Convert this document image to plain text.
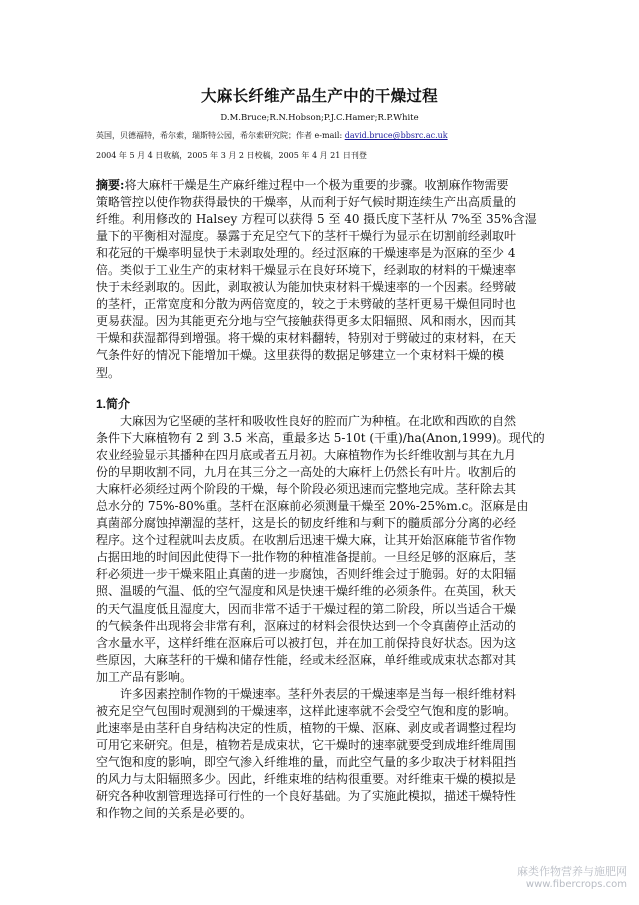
大麻长纤维产品生产中的干燥过程
D.M.Bruce;R.N.Hobson;P.J.C.Hamer;R.P.White
英国，贝德福特，希尔索，瑞斯特公园，希尔索研究院；作者 e-mail: david.bruce@bbsrc.ac.uk
2004 年 5 月 4 日收稿，2005 年 3 月 2 日校稿，2005 年 4 月 21 日刊登
摘要:将大麻杆干燥是生产麻纤维过程中一个极为重要的步骤。收割麻作物需要
策略管控以使作物获得最快的干燥率，从而利于好气候时期连续生产出高质量的
纤维。利用修改的 Halsey 方程可以获得 5 至 40 摄氏度下茎杆从 7%至 35%含湿
量下的平衡相对湿度。暴露于充足空气下的茎杆干燥行为显示在切割前经剥取叶
和花冠的干燥率明显快于未剥取处理的。经过沤麻的干燥速率是为沤麻的至少 4
倍。类似于工业生产的束材料干燥显示在良好环境下，经剥取的材料的干燥速率
快于未经剥取的。因此，剥取被认为能加快束材料干燥速率的一个因素。经劈破
的茎杆，正常宽度和分散为两倍宽度的，较之于未劈破的茎杆更易干燥但同时也
更易获湿。因为其能更充分地与空气接触获得更多太阳辐照、风和雨水，因而其
干燥和获湿都得到增强。将干燥的束材料翻转，特别对于劈破过的束材料，在天
气条件好的情况下能增加干燥。这里获得的数据足够建立一个束材料干燥的模
型。
1.简介
　　大麻因为它坚硬的茎杆和吸收性良好的腔而广为种植。在北欧和西欧的自然
条件下大麻植物有 2 到 3.5 米高，重最多达 5-10t (干重)/ha(Anon,1999)。现代的
农业经验显示其播种在四月底或者五月初。大麻植物作为长纤维收割与其在九月
份的早期收割不同，九月在其三分之一高处的大麻杆上仍然长有叶片。收割后的
大麻杆必须经过两个阶段的干燥，每个阶段必须迅速而完整地完成。茎秆除去其
总水分的 75%-80%重。茎杆在沤麻前必须测量干燥至 20%-25%m.c。沤麻是由
真菌部分腐蚀掉潮湿的茎杆，这是长的韧皮纤维和与剩下的髓质部分分离的必经
程序。这个过程就叫去皮质。在收割后迅速干燥大麻，让其开始沤麻能节省作物
占据田地的时间因此使得下一批作物的种植准备提前。一旦经足够的沤麻后，茎
秆必须进一步干燥来阻止真菌的进一步腐蚀，否则纤维会过于脆弱。好的太阳辐
照、温暖的气温、低的空气湿度和风是快速干燥纤维的必须条件。在英国，秋天
的天气温度低且湿度大，因而非常不适于干燥过程的第二阶段，所以当适合干燥
的气候条件出现将会非常有利，沤麻过的材料会很快达到一个令真菌停止活动的
含水量水平，这样纤维在沤麻后可以被打包，并在加工前保持良好状态。因为这
些原因，大麻茎秆的干燥和储存性能，经或未经沤麻，单纤维或成束状态都对其
加工产品有影响。
　　许多因素控制作物的干燥速率。茎秆外表层的干燥速率是当每一根纤维材料
被充足空气包围时观测到的干燥速率，这样此速率就不会受空气饱和度的影响。
此速率是由茎秆自身结构决定的性质，植物的干燥、沤麻、剥皮或者调整过程均
可用它来研究。但是，植物若是成束状，它干燥时的速率就要受到成堆纤维周围
空气饱和度的影响，即空气渗入纤维堆的量，而此空气量的多少取决于材料阻挡
的风力与太阳辐照多少。因此，纤维束堆的结构很重要。对纤维束干燥的模拟是
研究各种收割管理选择可行性的一个良好基础。为了实施此模拟，描述干燥特性
和作物之间的关系是必要的。
麻类作物营养与施肥网
www.fibercrops.com
